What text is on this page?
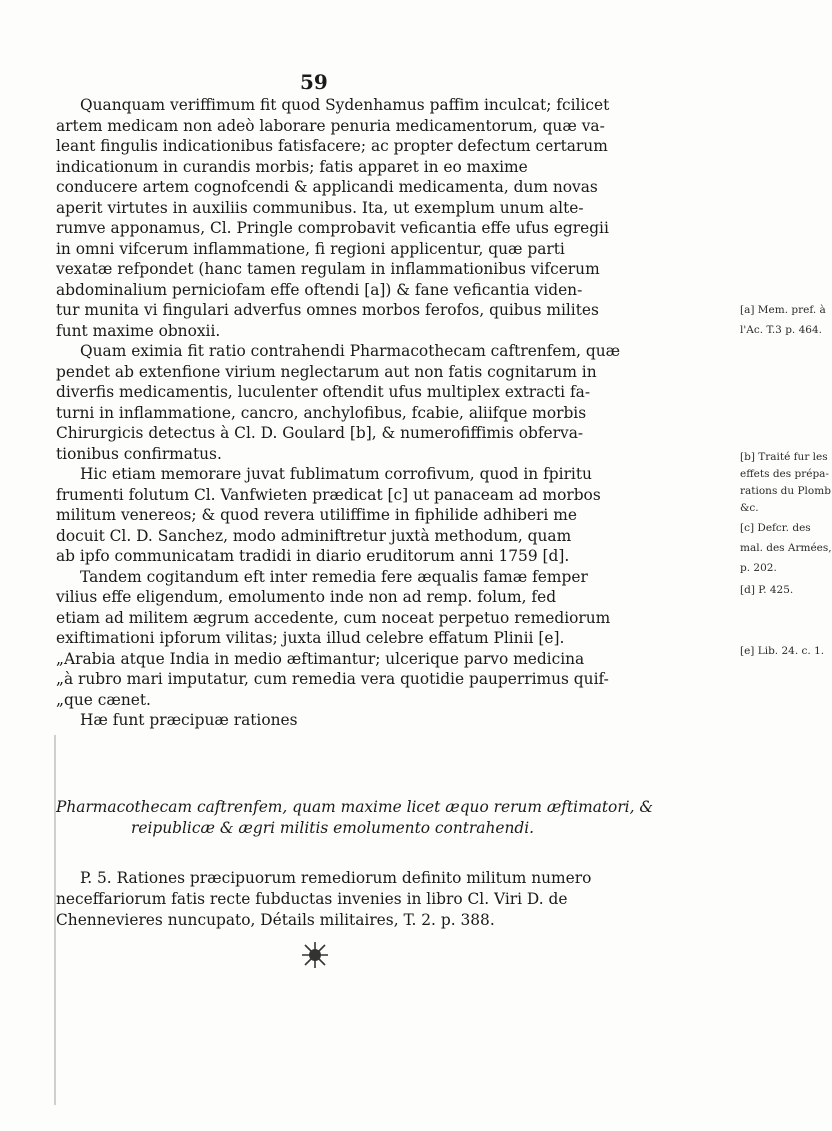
59
Quanquam veriffimum fit quod Sydenhamus paffim inculcat; fcilicet
artem medicam non adeò laborare penuria medicamentorum, quæ va-
leant fingulis indicationibus fatisfacere; ac propter defectum certarum
indicationum in curandis morbis; fatis apparet in eo maxime
conducere artem cognofcendi & applicandi medicamenta, dum novas
aperit virtutes in auxiliis communibus. Ita, ut exemplum unum alte-
rumve apponamus, Cl. Pringle comprobavit veficantia effe ufus egregii
in omni vifcerum inflammatione, fi regioni applicentur, quæ parti
vexatæ refpondet (hanc tamen regulam in inflammationibus vifcerum
abdominalium perniciofam effe oftendi [a]) & fane veficantia viden-
tur munita vi fingulari adverfus omnes morbos ferofos, quibus milites
funt maxime obnoxii.
Quam eximia fit ratio contrahendi Pharmacothecam caftrenfem, quæ
pendet ab extenfione virium neglectarum aut non fatis cognitarum in
diverfis medicamentis, luculenter oftendit ufus multiplex extracti fa-
turni in inflammatione, cancro, anchylofibus, fcabie, aliifque morbis
Chirurgicis detectus à Cl. D. Goulard [b], & numerofiffimis obferva-
tionibus confirmatus.
Hic etiam memorare juvat fublimatum corrofivum, quod in fpiritu
frumenti folutum Cl. Vanfwieten prædicat [c] ut panaceam ad morbos
militum venereos; & quod revera utiliffime in fiphilide adhiberi me
docuit Cl. D. Sanchez, modo adminiftretur juxtà methodum, quam
ab ipfo communicatam tradidi in diario eruditorum anni 1759 [d].
Tandem cogitandum eft inter remedia fere æqualis famæ femper
vilius effe eligendum, emolumento inde non ad remp. folum, fed
etiam ad militem ægrum accedente, cum noceat perpetuo remediorum
exiftimationi ipforum vilitas; juxta illud celebre effatum Plinii [e].
„Arabia atque India in medio æftimantur; ulcerique parvo medicina
„à rubro mari imputatur, cum remedia vera quotidie pauperrimus quif-
„que cænet.
Hæ funt præcipuæ rationes
[a] Mem. pref. à
l'Ac. T.3 p. 464.
[b] Traité fur les
effets des prépa-
rations du Plomb
&c.
[c] Defcr. des
mal. des Armées,
p. 202.
[d] P. 425.
[e] Lib. 24. c. 1.
Pharmacothecam caftrenfem, quam maxime licet æquo rerum æftimatori, &
reipublicæ & ægri militis emolumento contrahendi.
P. 5. Rationes præcipuorum remediorum definito militum numero
neceffariorum fatis recte fubductas invenies in libro Cl. Viri D. de
Chennevieres nuncupato, Détails militaires, T. 2. p. 388.
